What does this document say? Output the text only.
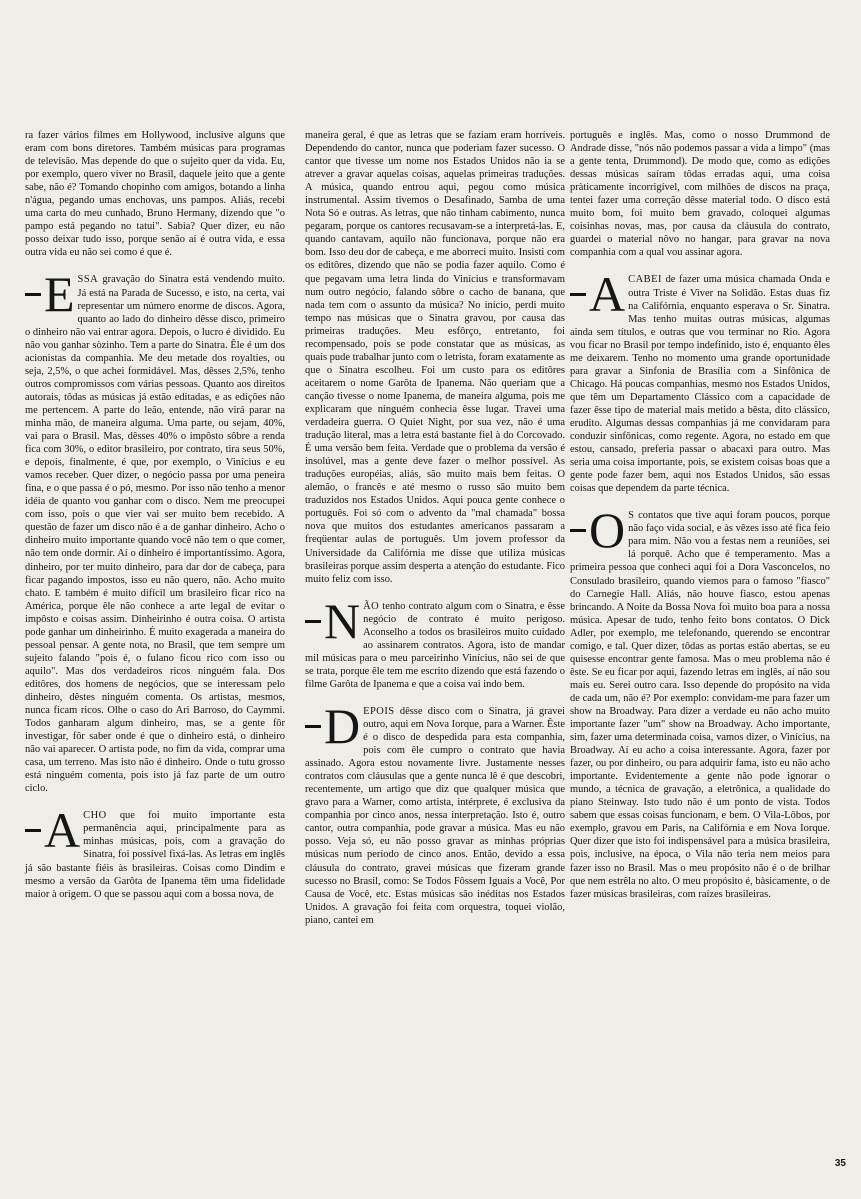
ra fazer vários filmes em Hollywood, inclusive alguns que eram com bons diretores. Também músicas para programas de televisão. Mas depende do que o sujeito quer da vida. Eu, por exemplo, quero viver no Brasil, daquele jeito que a gente sabe, não é? Tomando chopinho com amigos, botando a linha n'água, pegando umas enchovas, uns pampos. Aliás, recebi uma carta do meu cunhado, Bruno Hermany, dizendo que "o pampo está pegando no tatui". Sabia? Quer dizer, eu não posso deixar tudo isso, porque senão aí é outra vida, e essa outra vida eu não sei como é que é.

E SSA gravação do Sinatra está vendendo muito. Já está na Parada de Sucesso, e isto, na certa, vai representar um número enorme de discos. Agora, quanto ao lado do dinheiro dêsse disco, primeiro o dinheiro não vai entrar agora. Depois, o lucro é dividido. Eu não vou ganhar sòzinho. Tem a parte do Sinatra. Êle é um dos acionistas da companhia. Me deu metade dos royalties, ou seja, 2,5%, o que achei formidável. Mas, dêsses 2,5%, tenho outros compromissos com várias pessoas. Quanto aos direitos autorais, tôdas as músicas já estão editadas, e as edições não me pertencem. A parte do leão, entende, não virá parar na minha mão, de maneira alguma. Uma parte, ou sejam, 40%, vai para o Brasil. Mas, dêsses 40% o impôsto sôbre a renda fica com 30%, o editor brasileiro, por contrato, tira seus 50%, e depois, finalmente, é que, por exemplo, o Vinícius e eu vamos receber. Quer dizer, o negócio passa por uma peneira fina, e o que passa é o pó, mesmo. Por isso não tenho a menor idéia de quanto vou ganhar com o disco. Nem me preocupei com isso, pois o que vier vai ser muito bem recebido. A questão de fazer um disco não é a de ganhar dinheiro. Acho o dinheiro muito importante quando você não tem o que comer, não tem onde dormir. Aí o dinheiro é importantíssimo. Agora, dinheiro, por ter muito dinheiro, para dar dor de cabeça, para ficar pagando impostos, isso eu não quero, não. Acho muito chato. E também é muito difícil um brasileiro ficar rico na América, porque êle não conhece a arte legal de evitar o impôsto e coisas assim. Dinheirinho é outra coisa. O artista pode ganhar um dinheirinho. É muito exagerada a maneira do pessoal pensar. A gente nota, no Brasil, que tem sempre um sujeito falando "pois é, o fulano ficou rico com isso ou aquilo". Mas dos verdadeiros ricos ninguém fala. Dos editôres, dos homens de negócios, que se interessam pelo dinheiro, dêstes ninguém comenta. Os artistas, mesmos, nunca ficam ricos. Olhe o caso do Ari Barroso, do Caymmi. Todos ganharam algum dinheiro, mas, se a gente fôr investigar, fôr saber onde é que o dinheiro está, o dinheiro não vai aparecer. O artista pode, no fim da vida, comprar uma casa, um terreno. Mas isto não é dinheiro. Onde o tutu grosso está ninguém comenta, pois isto já faz parte de um outro ciclo.
A CHO que foi muito importante esta permanência aqui, principalmente para as minhas músicas, pois, com a gravação do Sinatra, foi possível fixá-las. As letras em inglês já são bastante fiéis às brasileiras. Coisas como Dindim e mesmo a versão da Garôta de Ipanema têm uma fidelidade maior à origem. O que se passou aqui com a bossa nova, de

maneira geral, é que as letras que se faziam eram horríveis. Dependendo do cantor, nunca que poderiam fazer sucesso. O cantor que tivesse um nome nos Estados Unidos não ia se atrever a gravar aquelas coisas, aquelas primeiras traduções. A música, quando entrou aqui, pegou como música instrumental. Assim tivemos o Desafinado, Samba de uma Nota Só e outras. As letras, que não tinham cabimento, nunca pegaram, porque os cantores recusavam-se a interpretá-las. E, quando cantavam, aquilo não funcionava, porque não era bom. Isso deu dor de cabeça, e me aborreci muito. Insisti com os editôres, dizendo que não se podia fazer aquilo. Como é que pegavam uma letra linda do Vinícius e transformavam num outro negócio, falando sôbre o cacho de banana, que nada tem com o assunto da música? No início, perdi muito tempo nas músicas que o Sinatra gravou, por causa das primeiras traduções. Meu esfôrço, entretanto, foi recompensado, pois se pode constatar que as músicas, as quais pude trabalhar junto com o letrista, foram exatamente as que o Sinatra escolheu. Foi um custo para os editôres aceitarem o nome Garôta de Ipanema. Não queriam que a canção tivesse o nome Ipanema, de maneira alguma, pois me explicaram que ninguém conhecia êsse lugar. Travei uma verdadeira guerra. O Quiet Night, por sua vez, não é uma tradução literal, mas a letra está bastante fiel à do Corcovado. É uma versão bem feita. Verdade que o problema da versão é insolúvel, mas a gente deve fazer o melhor possível. As traduções européias, aliás, são muito mais bem feitas. O alemão, o francês e até mesmo o russo são muito bem traduzidos nos Estados Unidos. Aqui pouca gente conhece o português. Foi só com o advento da "mal chamada" bossa nova que muitos dos estudantes americanos passaram a freqüentar aulas de português. Um jovem professor da Universidade da Califórnia me disse que utiliza músicas brasileiras porque assim desperta a atenção do estudante. Fico muito feliz com isso.

N ÃO tenho contrato algum com o Sinatra, e êsse negócio de contrato é muito perigoso. Aconselho a todos os brasileiros muito cuidado ao assinarem contratos. Agora, isto de mandar mil músicas para o meu parceirinho Vinícius, não sei de que se trata, porque êle tem me escrito dizendo que está fazendo o filme Garôta de Ipanema e que a coisa vai indo bem.
D EPOIS dêsse disco com o Sinatra, já gravei outro, aqui em Nova Iorque, para a Warner. Êste é o disco de despedida para esta companhia, pois com êle cumpro o contrato que havia assinado. Agora estou novamente livre. Justamente nesses contratos com cláusulas que a gente nunca lê é que descobri, recentemente, um artigo que diz que qualquer música que gravo para a Warner, como artista, intérprete, é exclusiva da companhia por cinco anos, nessa interpretação. Isto é, outro cantor, outra companhia, pode gravar a música. Mas eu não posso. Veja só, eu não posso gravar as minhas próprias músicas num período de cinco anos. Então, devido a essa cláusula do contrato, gravei músicas que fizeram grande sucesso no Brasil, como: Se Todos Fôssem Iguais a Você, Por Causa de Você, etc. Estas músicas são inéditas nos Estados Unidos. A gravação foi feita com orquestra, toquei violão, piano, cantei em

português e inglês. Mas, como o nosso Drummond de Andrade disse, "nós não podemos passar a vida a limpo" (mas a gente tenta, Drummond). De modo que, como as edições dessas músicas saíram tôdas erradas aqui, uma coisa pràticamente incorrigível, com milhões de discos na praça, tentei fazer uma correção dêsse material todo. O disco está muito bom, foi muito bem gravado, coloquei algumas coisinhas novas, mas, por causa da cláusula do contrato, guardei o material nôvo no hangar, para gravar na nova companhia com a qual vou assinar agora.

A CABEI de fazer uma música chamada Onda e outra Triste é Viver na Solidão. Estas duas fiz na Califórnia, enquanto esperava o Sr. Sinatra. Mas tenho muitas outras músicas, algumas ainda sem títulos, e outras que vou terminar no Rio. Agora vou ficar no Brasil por tempo indefinido, isto é, enquanto êles me deixarem. Tenho no momento uma grande oportunidade para gravar a Sinfonia de Brasília com a Sinfônica de Chicago. Há poucas companhias, mesmo nos Estados Unidos, que têm um Departamento Clássico com a capacidade de fazer êsse tipo de material mais metido a bêsta, dito clássico, erudito. Algumas dessas companhias já me convidaram para conduzir sinfônicas, como regente. Agora, no estado em que estou, cansado, preferia passar o abacaxi para outro. Mas seria uma coisa importante, pois, se existem coisas boas que a gente pode fazer bem, aqui nos Estados Unidos, são essas coisas que dependem da parte técnica.
O S contatos que tive aqui foram poucos, porque não faço vida social, e às vêzes isso até fica feio para mim. Não vou a festas nem a reuniões, sei lá porquê. Acho que é temperamento. Mas a primeira pessoa que conheci aqui foi a Dora Vasconcelos, no Consulado brasileiro, quando viemos para o famoso "fiasco" do Carnegie Hall. Aliás, não houve fiasco, estou apenas brincando. A Noite da Bossa Nova foi muito boa para a nossa música. Apesar de tudo, tenho feito bons contatos. O Dick Adler, por exemplo, me telefonando, querendo se encontrar comigo, e tal. Quer dizer, tôdas as portas estão abertas, se eu quisesse encontrar gente famosa. Mas o meu problema não é êste. Se eu ficar por aqui, fazendo letras em inglês, aí não sou mais eu. Serei outro cara. Isso depende do propósito na vida de cada um, não é? Por exemplo: convidam-me para fazer um show na Broadway. Para dizer a verdade eu não acho muito importante fazer "um" show na Broadway. Acho importante, sim, fazer uma determinada coisa, vamos dizer, o Vinícius, na Broadway. Aí eu acho a coisa interessante. Agora, fazer por fazer, ou por dinheiro, ou para adquirir fama, isto eu não acho importante. Evidentemente a gente não pode ignorar o mundo, a técnica de gravação, a eletrônica, a qualidade do piano Steinway. Isto tudo não é um ponto de vista. Todos sabem que essas coisas funcionam, e bem. O Vila-Lôbos, por exemplo, gravou em Paris, na Califórnia e em Nova Iorque. Quer dizer que isto foi indispensável para a música brasileira, pois, inclusive, na época, o Vila não teria nem meios para fazer isso no Brasil. Mas o meu propósito não é o de brilhar que nem estrêla no alto. O meu propósito é, bàsicamente, o de fazer músicas brasileiras, com raízes brasileiras.
35
